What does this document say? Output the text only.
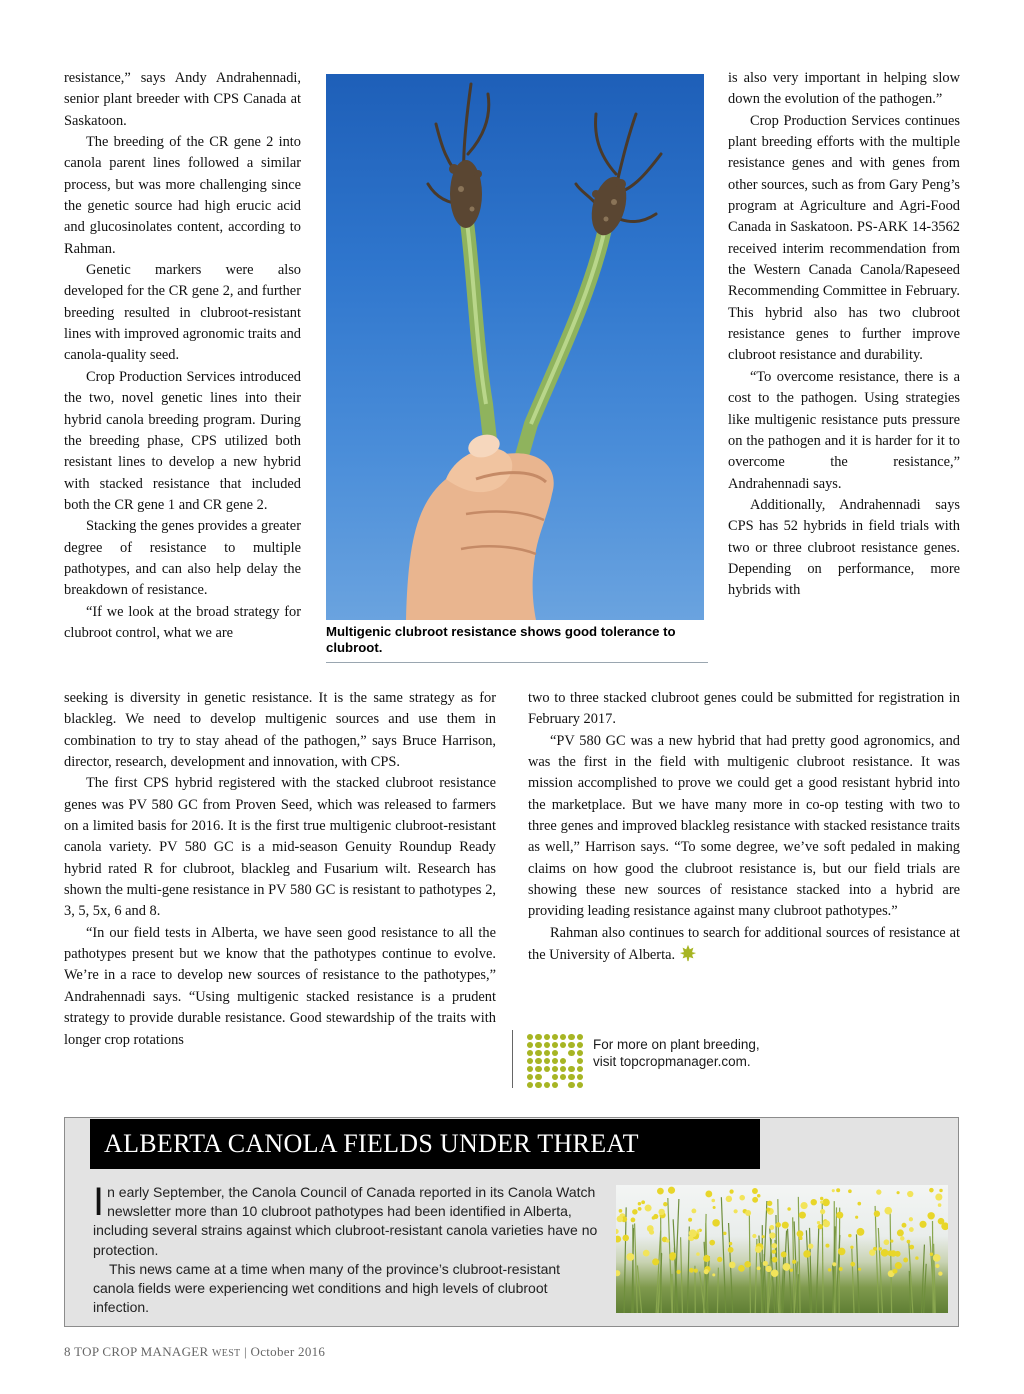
resistance,” says Andy Andrahennadi, senior plant breeder with CPS Canada at Saskatoon.

The breeding of the CR gene 2 into canola parent lines followed a similar process, but was more challenging since the genetic source had high erucic acid and glucosinolates content, according to Rahman.

Genetic markers were also developed for the CR gene 2, and further breeding resulted in clubroot-resistant lines with improved agronomic traits and canola-quality seed.

Crop Production Services introduced the two, novel genetic lines into their hybrid canola breeding program. During the breeding phase, CPS utilized both resistant lines to develop a new hybrid with stacked resistance that included both the CR gene 1 and CR gene 2.

Stacking the genes provides a greater degree of resistance to multiple pathotypes, and can also help delay the breakdown of resistance.

“If we look at the broad strategy for clubroot control, what we are

seeking is diversity in genetic resistance. It is the same strategy as for blackleg. We need to develop multigenic sources and use them in combination to try to stay ahead of the pathogen,” says Bruce Harrison, director, research, development and innovation, with CPS.

The first CPS hybrid registered with the stacked clubroot resistance genes was PV 580 GC from Proven Seed, which was released to farmers on a limited basis for 2016. It is the first true multigenic clubroot-resistant canola variety. PV 580 GC is a mid-season Genuity Roundup Ready hybrid rated R for clubroot, blackleg and Fusarium wilt. Research has shown the multi-gene resistance in PV 580 GC is resistant to pathotypes 2, 3, 5, 5x, 6 and 8.

“In our field tests in Alberta, we have seen good resistance to all the pathotypes present but we know that the pathotypes continue to evolve. We’re in a race to develop new sources of resistance to the pathotypes,” Andrahennadi says. “Using multigenic stacked resistance is a prudent strategy to provide durable resistance. Good stewardship of the traits with longer crop rotations

is also very important in helping slow down the evolution of the pathogen.”

Crop Production Services continues plant breeding efforts with the multiple resistance genes and with genes from other sources, such as from Gary Peng’s program at Agriculture and Agri-Food Canada in Saskatoon. PS-ARK 14-3562 received interim recommendation from the Western Canada Canola/Rapeseed Recommending Committee in February. This hybrid also has two clubroot resistance genes to further improve clubroot resistance and durability.

“To overcome resistance, there is a cost to the pathogen. Using strategies like multigenic resistance puts pressure on the pathogen and it is harder for it to overcome the resistance,” Andrahennadi says.

Additionally, Andrahennadi says CPS has 52 hybrids in field trials with two or three clubroot resistance genes. Depending on performance, more hybrids with

two to three stacked clubroot genes could be submitted for registration in February 2017.

“PV 580 GC was a new hybrid that had pretty good agronomics, and was the first in the field with multigenic clubroot resistance. It was mission accomplished to prove we could get a good resistant hybrid into the marketplace. But we have many more in co-op testing with two to three genes and improved blackleg resistance with stacked resistance traits as well,” Harrison says. “To some degree, we’ve soft pedaled in making claims on how good the clubroot resistance is, but our field trials are showing these new sources of resistance stacked into a hybrid are providing leading resistance against many clubroot pathotypes.”

Rahman also continues to search for additional sources of resistance at the University of Alberta.

Multigenic clubroot resistance shows good tolerance to clubroot.
For more on plant breeding,
visit topcropmanager.com.
ALBERTA CANOLA FIELDS UNDER THREAT

In early September, the Canola Council of Canada reported in its Canola Watch newsletter more than 10 clubroot pathotypes had been identified in Alberta, including several strains against which clubroot-resistant canola varieties have no protection.

This news came at a time when many of the province’s clubroot-resistant canola fields were experiencing wet conditions and high levels of clubroot infection.

8 TOP CROP MANAGER WEST | October 2016
